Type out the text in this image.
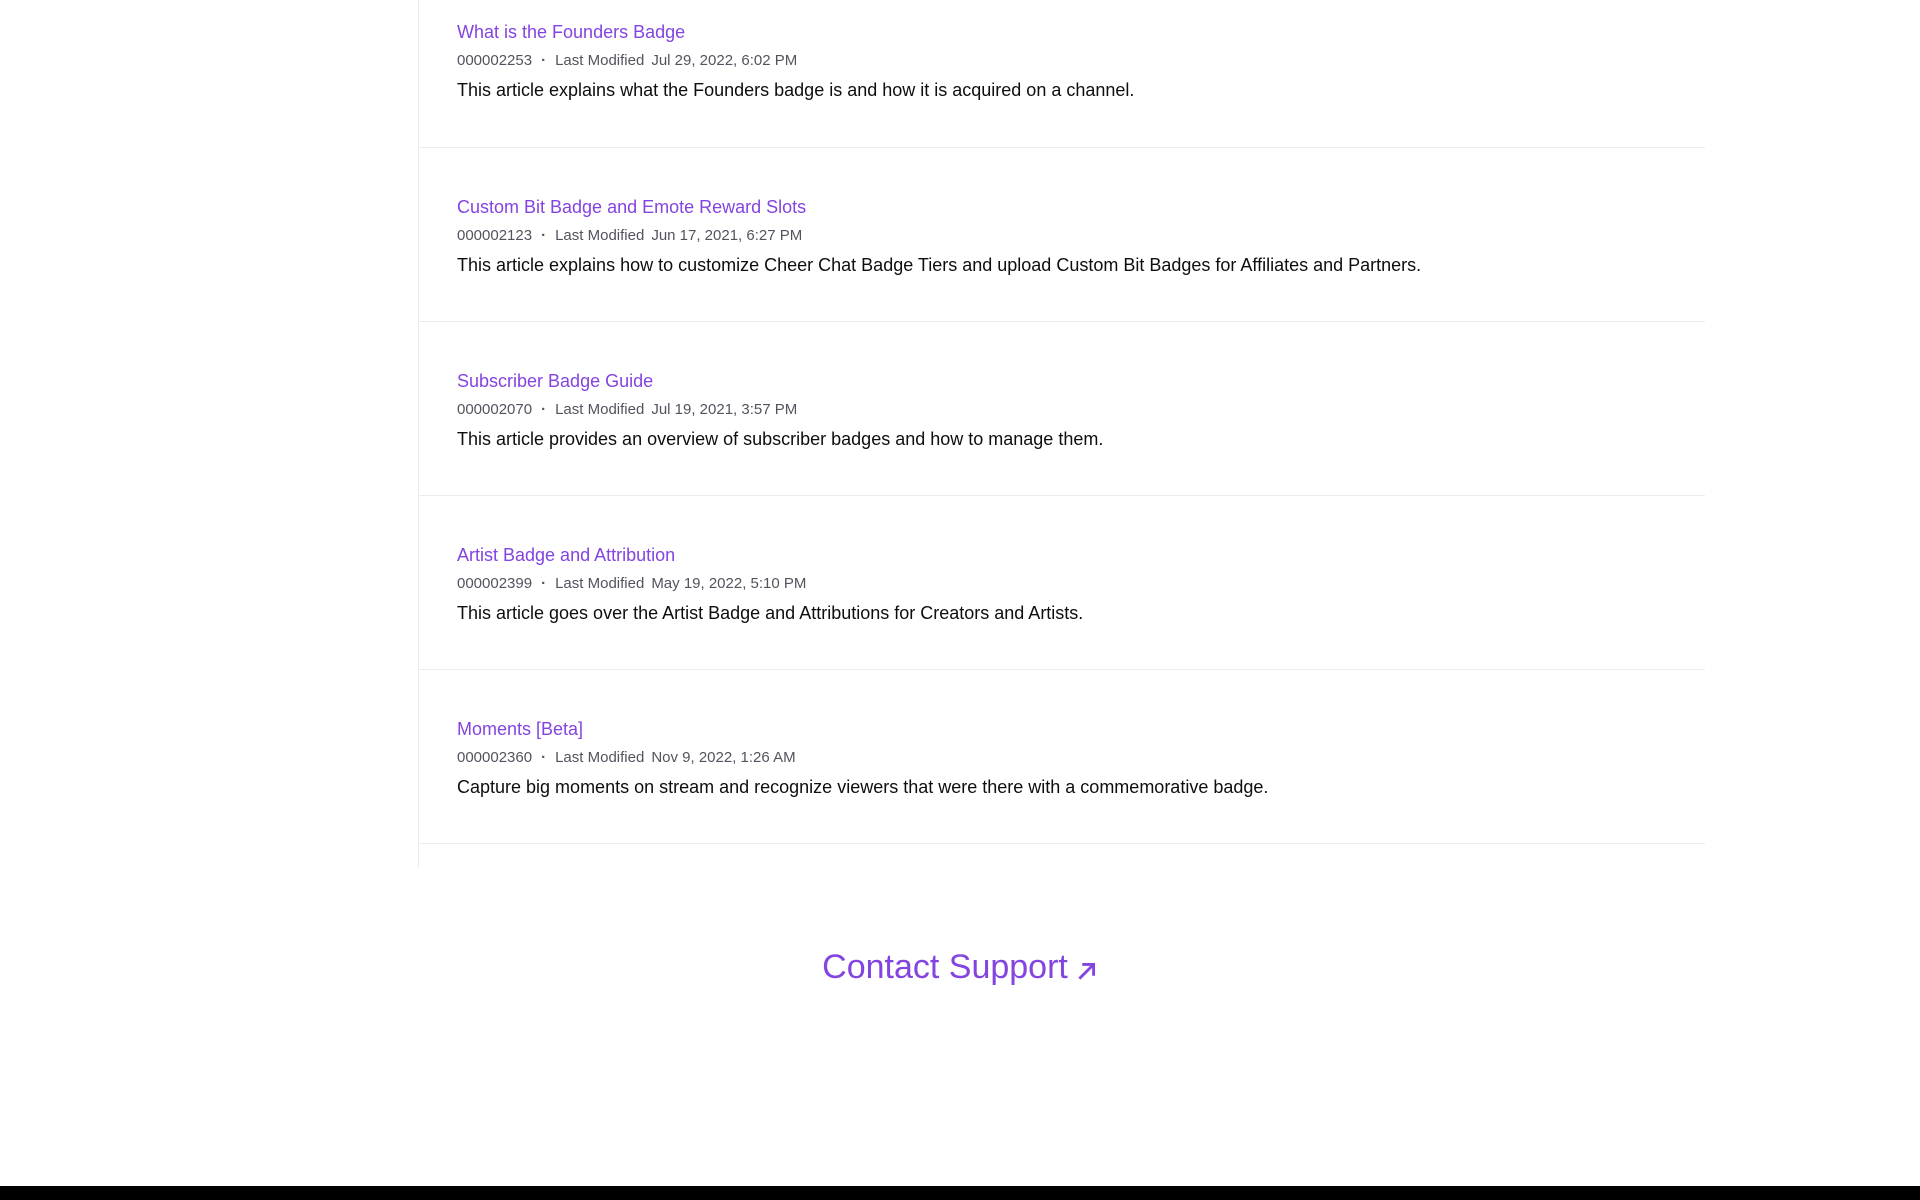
What is the Founders Badge
000002253 · Last Modified Jul 29, 2022, 6:02 PM
This article explains what the Founders badge is and how it is acquired on a channel.
Custom Bit Badge and Emote Reward Slots
000002123 · Last Modified Jun 17, 2021, 6:27 PM
This article explains how to customize Cheer Chat Badge Tiers and upload Custom Bit Badges for Affiliates and Partners.
Subscriber Badge Guide
000002070 · Last Modified Jul 19, 2021, 3:57 PM
This article provides an overview of subscriber badges and how to manage them.
Artist Badge and Attribution
000002399 · Last Modified May 19, 2022, 5:10 PM
This article goes over the Artist Badge and Attributions for Creators and Artists.
Moments [Beta]
000002360 · Last Modified Nov 9, 2022, 1:26 AM
Capture big moments on stream and recognize viewers that were there with a commemorative badge.
Contact Support
